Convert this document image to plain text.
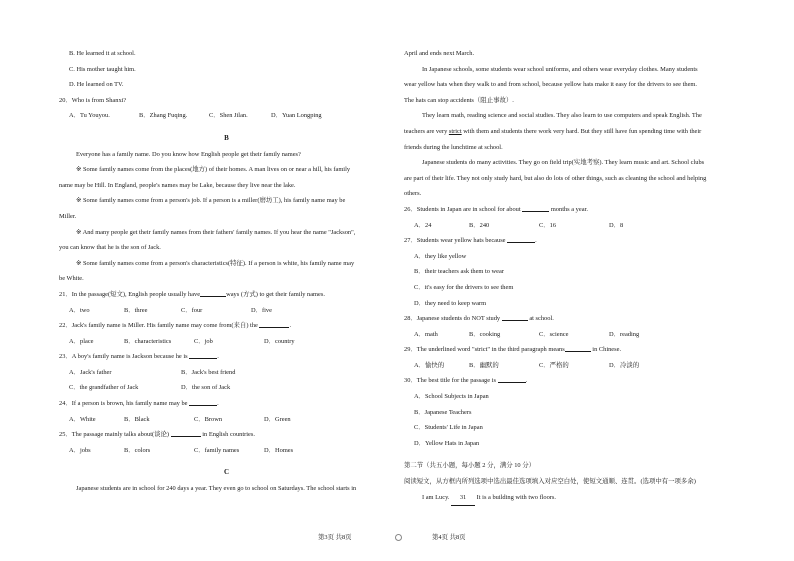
B. He learned it at school.

C. His mother taught him.

D. He learned on TV.

20．Who is from Shanxi?

A．Tu Youyou.	B．Zhang Fuqing.	C．Shen Jilan.	D．Yuan Longping

B

Everyone has a family name. Do you know how English people get their family names?

※ Some family names come from the places(地方) of their homes. A man lives on or near a hill, his family

name may be Hill. In England, people's names may be Lake, because they live near the lake.

※ Some family names come from a person's job. If a person is a miller(磨坊工), his family name may be

Miller.

※ And many people get their family names from their fathers' family names. If you hear the name "Jackson",

you can know that he is the son of Jack.

※ Some family names come from a person's characteristics(特征). If a person is white, his family name may

be White.

21．In the passage(短文), English people usually have	ways (方式) to get their family names.

A．two	B．three	C．four	D．five

22．Jack's family name is Miller. His family name may come from(来自) the	.

A．place	B．characteristics	C．job	D．country

23．A boy's family name is Jackson because he is	.

A．Jack's father	B．Jack's best friend
C．the grandfather of Jack	D．the son of Jack

24．If a person is brown, his family name may be	.

A．White	B．Black	C．Brown	D．Green

25．The passage mainly talks about(谈论)	in English countries.

A．jobs	B．colors	C．family names	D．Homes

C

Japanese students are in school for 240 days a year. They even go to school on Saturdays. The school starts in

April and ends next March.

In Japanese schools, some students wear school uniforms, and others wear everyday clothes. Many students

wear yellow hats when they walk to and from school, because yellow hats make it easy for the drivers to see them.

The hats can stop accidents（阻止事故）.

They learn math, reading science and social studies. They also learn to use computers and speak English. The

teachers are very strict with them and students there work very hard. But they still have fun spending time with their

friends during the lunchtime at school.

Japanese students do many activities. They go on field trip(实地考察). They learn music and art. School clubs

are part of their life. They not only study hard, but also do lots of other things, such as cleaning the school and helping

others.

26．Students in Japan are in school for about	months a year.

A．24	B．240	C．16	D．8

27．Students wear yellow hats because	.

A．they like yellow

B．their teachers ask them to wear

C．it's easy for the drivers to see them

D．they need to keep warm

28．Japanese students do NOT study	at school.

A．math	B．cooking	C．science	D．reading

29．The underlined word "strict" in the third paragraph means	in Chinese.

A．愉快的	B．幽默的	C．严格的	D．冷淡的

30．The best title for the passage is	.

A．School Subjects in Japan

B．Japanese Teachers

C．Students' Life in Japan

D．Yellow Hats in Japan

第二节（共五小题，每小题 2 分，满分 10 分）

阅读短文，从方框内所列选项中选出最佳选项填入对应空白处，使短文通顺、连贯。(选项中有一项多余)

I am Lucy. 31 It is a building with two floors.

第3页 共8页	第4页 共8页
